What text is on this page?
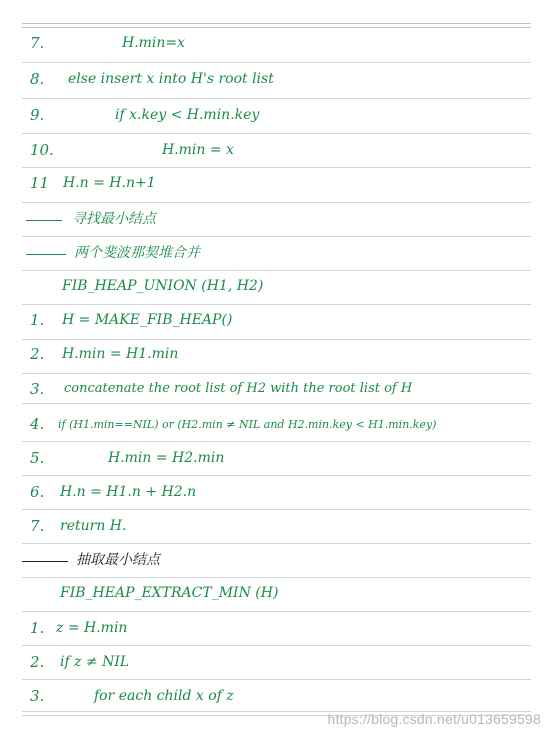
7.	H.min=x
8. else insert x into H's root list
9.	if x.key < H.min.key
10.	H.min = x
11 H.n = H.n+1
寻找最小结点
两个斐波那契堆合并
FIB_HEAP_UNION (H1, H2)
1. H = MAKE_FIB_HEAP()
2. H.min = H1.min
3. concatenate the root list of H2 with the root list of H
4. if (H1.min==NIL) or (H2.min ≠ NIL and H2.min.key < H1.min.key)
5.	H.min = H2.min
6. H.n = H1.n + H2.n
7. return H.
抽取最小结点
FIB_HEAP_EXTRACT_MIN (H)
1. z = H.min
2. if z ≠ NIL
3.	for each child x of z
https://blog.csdn.net/u013659598
